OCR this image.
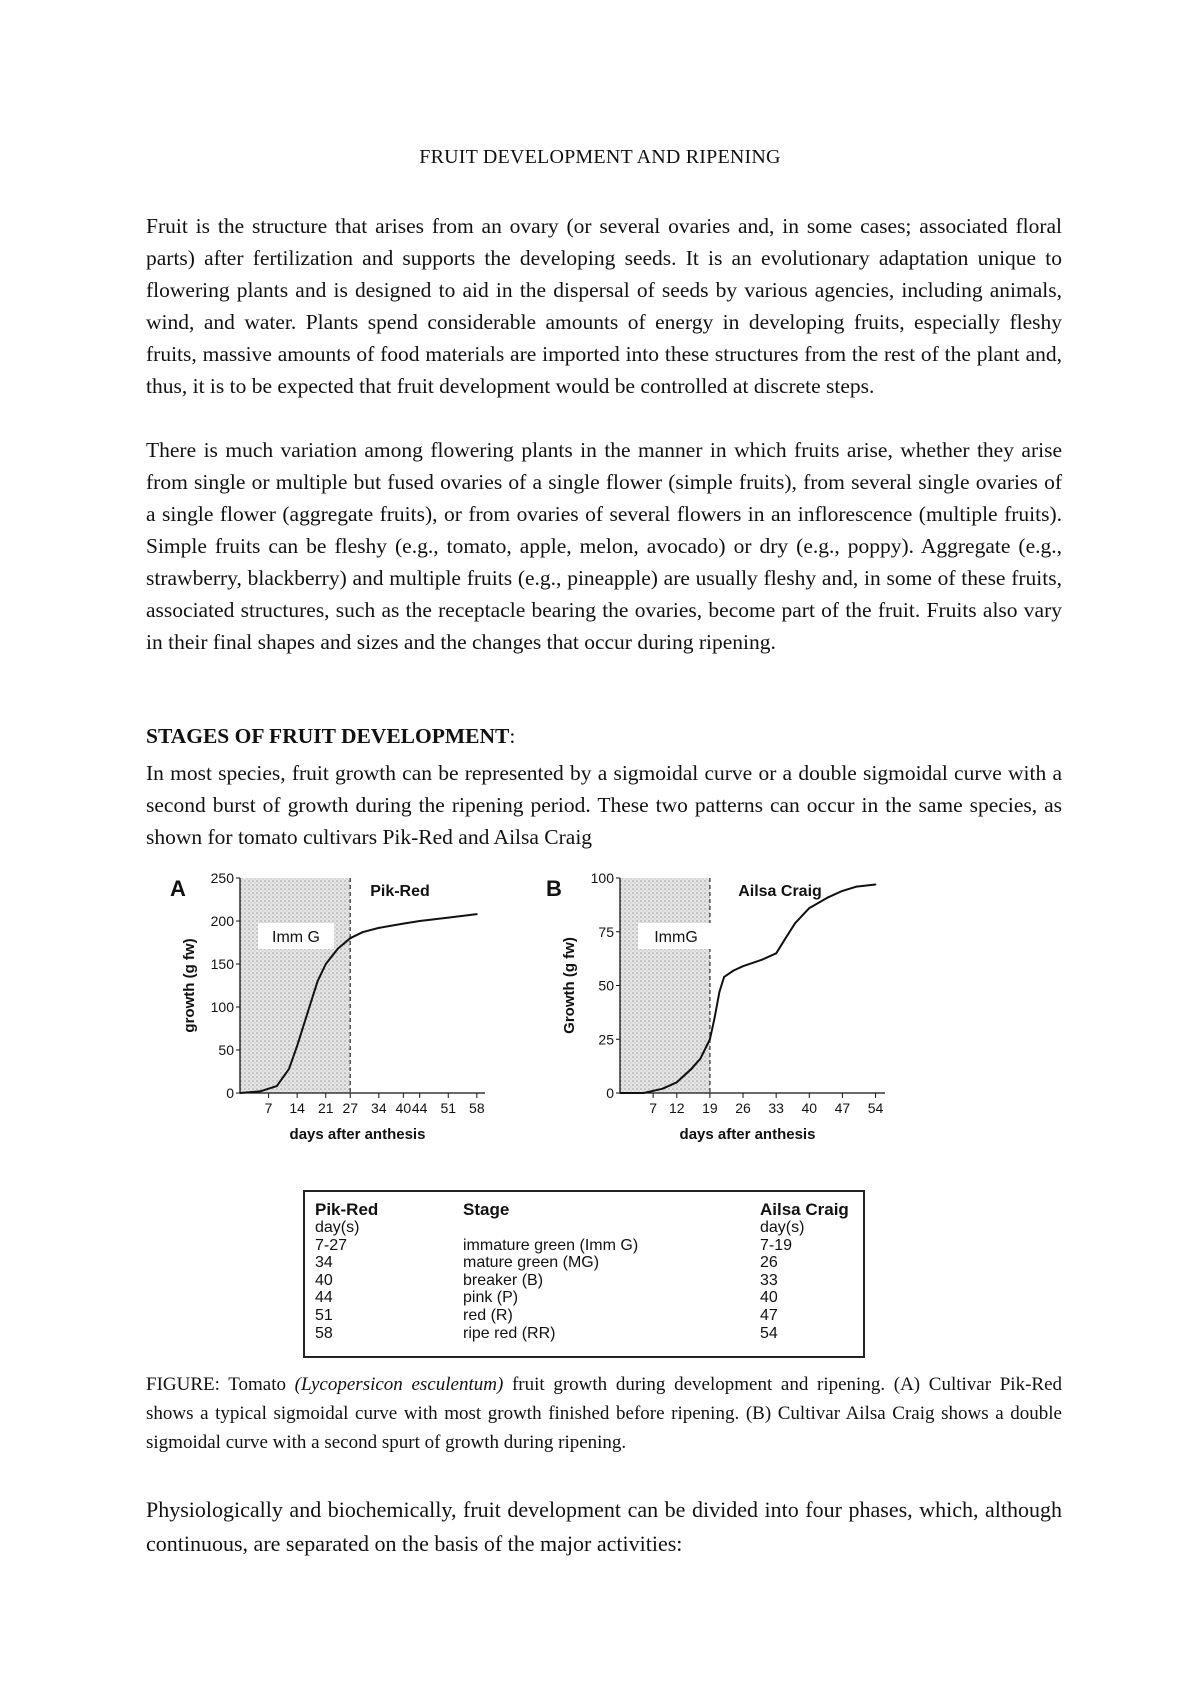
FRUIT DEVELOPMENT AND RIPENING

Fruit is the structure that arises from an ovary (or several ovaries and, in some cases; associated floral parts) after fertilization and supports the developing seeds. It is an evolutionary adaptation unique to flowering plants and is designed to aid in the dispersal of seeds by various agencies, including animals, wind, and water. Plants spend considerable amounts of energy in developing fruits, especially fleshy fruits, massive amounts of food materials are imported into these structures from the rest of the plant and, thus, it is to be expected that fruit development would be controlled at discrete steps.

There is much variation among flowering plants in the manner in which fruits arise, whether they arise from single or multiple but fused ovaries of a single flower (simple fruits), from several single ovaries of a single flower (aggregate fruits), or from ovaries of several flowers in an inflorescence (multiple fruits). Simple fruits can be fleshy (e.g., tomato, apple, melon, avocado) or dry (e.g., poppy). Aggregate (e.g., strawberry, blackberry) and multiple fruits (e.g., pineapple) are usually fleshy and, in some of these fruits, associated structures, such as the receptacle bearing the ovaries, become part of the fruit. Fruits also vary in their final shapes and sizes and the changes that occur during ripening.

STAGES OF FRUIT DEVELOPMENT:

In most species, fruit growth can be represented by a sigmoidal curve or a double sigmoidal curve with a second burst of growth during the ripening period. These two patterns can occur in the same species, as shown for tomato cultivars Pik-Red and Ailsa Craig

Imm G
0
50
100
150
200
250
7 14 21 27 34 40 44 51 58
days after anthesis
growth (g fw)
A	Pik-Red
ImmG
0
25
50
75
100
7 12 19 26 33 40 47 54
days after anthesis
Growth (g fw)
B	Ailsa Craig
Pik-Red
day(s)
7-27
34
40
44
51
58
Stage

immature green (Imm G)
mature green (MG)
breaker (B)
pink (P)
red (R)
ripe red (RR)
Ailsa Craig
day(s)
7-19
26
33
40
47
54

FIGURE: Tomato (Lycopersicon esculentum) fruit growth during development and ripening. (A) Cultivar Pik-Red shows a typical sigmoidal curve with most growth finished before ripening. (B) Cultivar Ailsa Craig shows a double sigmoidal curve with a second spurt of growth during ripening.

Physiologically and biochemically, fruit development can be divided into four phases, which, although continuous, are separated on the basis of the major activities:
